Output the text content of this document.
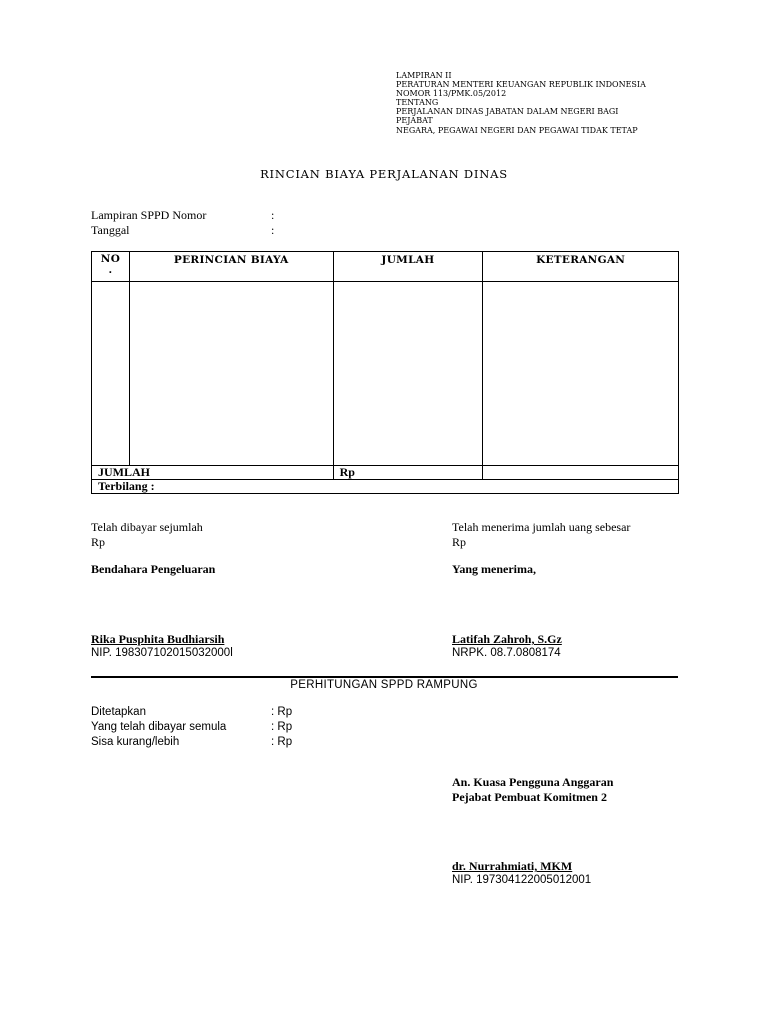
LAMPIRAN II
PERATURAN MENTERI KEUANGAN REPUBLIK INDONESIA
NOMOR 113/PMK.05/2012
TENTANG
PERJALANAN DINAS JABATAN DALAM NEGERI BAGI
PEJABAT
NEGARA, PEGAWAI NEGERI DAN PEGAWAI TIDAK TETAP
RINCIAN BIAYA PERJALANAN DINAS
Lampiran SPPD Nomor	:
Tanggal	:
NO
.	PERINCIAN BIAYA	JUMLAH	KETERANGAN

JUMLAH		Rp	
Terbilang :			
Telah dibayar sejumlah
Rp
Telah menerima jumlah uang sebesar
Rp
Bendahara Pengeluaran	Yang menerima,
Rika Pusphita Budhiarsih
NIP. 198307102015032000l
Latifah Zahroh, S.Gz
NRPK. 08.7.0808174
PERHITUNGAN SPPD RAMPUNG
Ditetapkan	: Rp
Yang telah dibayar semula	: Rp
Sisa kurang/lebih	: Rp
An. Kuasa Pengguna Anggaran
Pejabat Pembuat Komitmen 2
dr. Nurrahmiati, MKM
NIP. 197304122005012001
